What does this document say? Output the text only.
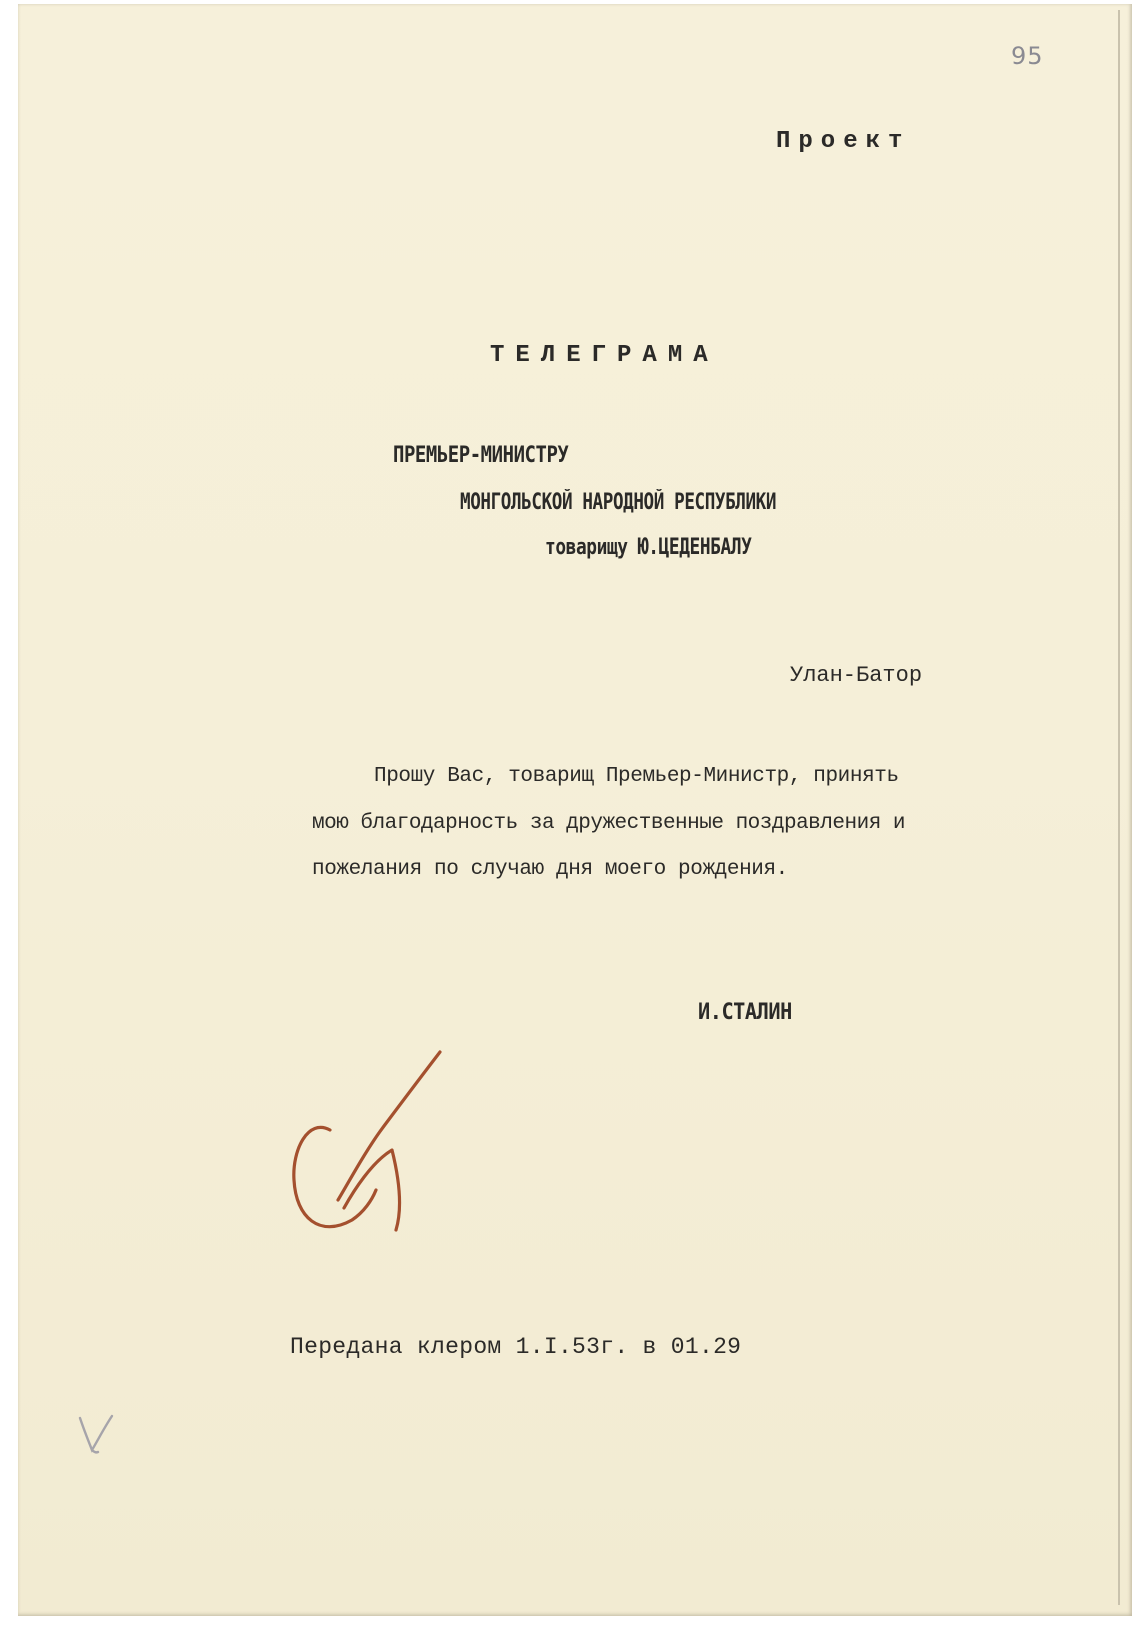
95
Проект
ТЕЛЕГРАМА
ПРЕМЬЕР-МИНИСТРУ
МОНГОЛЬСКОЙ НАРОДНОЙ РЕСПУБЛИКИ
товарищу Ю.ЦЕДЕНБАЛУ
Улан-Батор
Прошу Вас, товарищ Премьер-Министр, принять
мою благодарность за дружественные поздравления и
пожелания по случаю дня моего рождения.
И.СТАЛИН
Передана клером 1.I.53г. в 01.29
